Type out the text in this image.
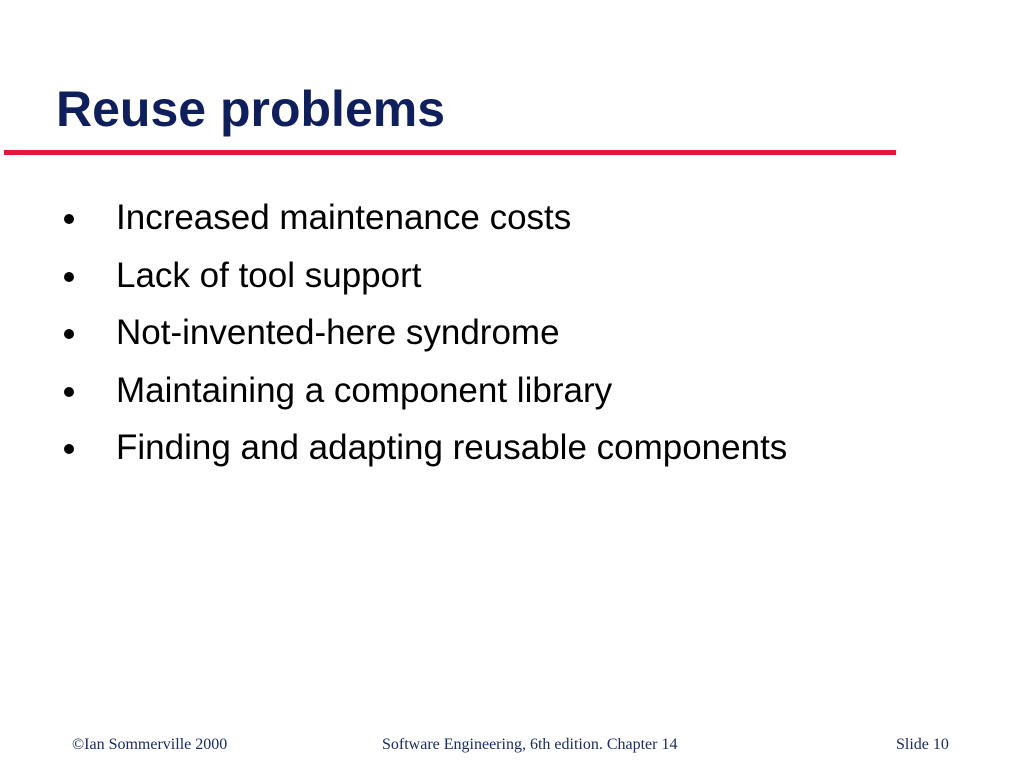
Reuse problems
Increased maintenance costs
Lack of tool support
Not-invented-here syndrome
Maintaining a component library
Finding and adapting reusable components
©Ian Sommerville 2000	Software Engineering, 6th edition. Chapter 14	Slide 10
